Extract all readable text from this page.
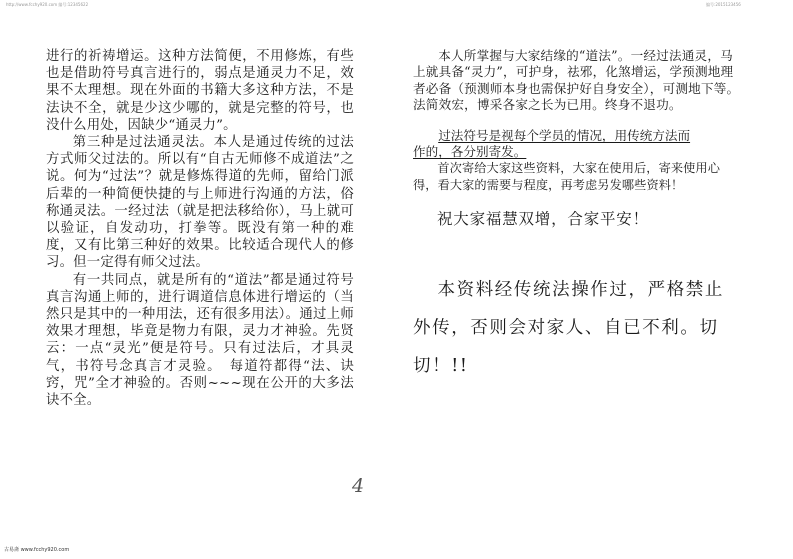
http://www.fcchy920.com 编号:12345622	编号:2015123456

进行的祈祷增运。这种方法简便，不用修炼，有些也是借助符号真言进行的，弱点是通灵力不足，效果不太理想。现在外面的书籍大多这种方法，不是法诀不全，就是少这少哪的，就是完整的符号，也没什么用处，因缺少“通灵力”。

第三种是过法通灵法。本人是通过传统的过法方式师父过法的。所以有“自古无师修不成道法”之说。何为“过法”？就是修炼得道的先师，留给门派后辈的一种简便快捷的与上师进行沟通的方法，俗称通灵法。一经过法（就是把法移给你），马上就可以验证，自发动功，打拳等。既没有第一种的难度，又有比第三种好的效果。比较适合现代人的修习。但一定得有师父过法。

有一共同点，就是所有的“道法”都是通过符号真言沟通上师的，进行调道信息体进行增运的（当然只是其中的一种用法，还有很多用法）。通过上师效果才理想，毕竟是物力有限，灵力才神验。先贤云：一点“灵光”便是符号。只有过法后，才具灵气，书符号念真言才灵验。　每道符都得“法、诀窍，咒”全才神验的。否则~~~现在公开的大多法诀不全。

本人所掌握与大家结缘的“道法”。一经过法通灵，马上就具备“灵力”，可护身，祛邪，化煞增运，学预测地理者必备（预测师本身也需保护好自身安全），可测地下等。法简效宏，博采各家之长为已用。终身不退功。

过法符号是视每个学员的情况，用传统方法而作的，各分别寄发。

首次寄给大家这些资料，大家在使用后，寄来使用心得，看大家的需要与程度，再考虑另发哪些资料！

祝大家福慧双增，合家平安！

本资料经传统法操作过，严格禁止外传，否则会对家人、自已不利。切切！!!

4
古易斋 www.fcchy920.com
